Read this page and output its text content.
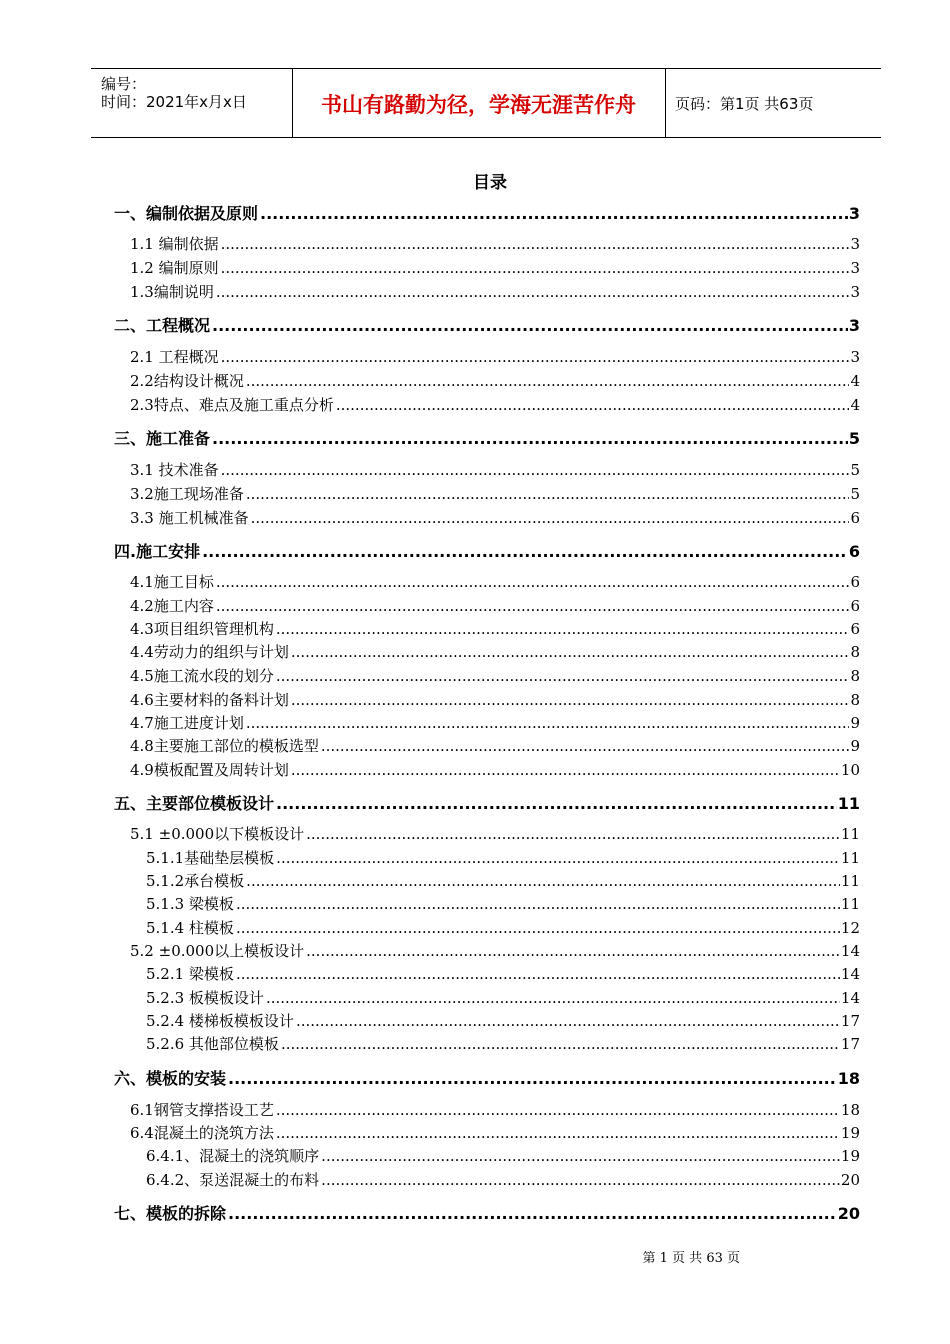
编号：
时间：2021年x月x日	书山有路勤为径，学海无涯苦作舟	页码：第1页 共63页
目录
一、编制依据及原则 .....	3
1.1 编制依据 .....	3
1.2 编制原则 .....	3
1.3编制说明 .....	3
二、工程概况 .....	3
2.1 工程概况 .....	3
2.2结构设计概况 .....	4
2.3特点、难点及施工重点分析 .....	4
三、施工准备 .....	5
3.1 技术准备 .....	5
3.2施工现场准备 .....	5
3.3 施工机械准备 .....	6
四.施工安排 .....	6
4.1施工目标 .....	6
4.2施工内容 .....	6
4.3项目组织管理机构 .....	6
4.4劳动力的组织与计划 .....	8
4.5施工流水段的划分 .....	8
4.6主要材料的备料计划 .....	8
4.7施工进度计划 .....	9
4.8主要施工部位的模板选型 .....	9
4.9模板配置及周转计划 .....	10
五、主要部位模板设计 .....	11
5.1 ±0.000以下模板设计 .....	11
5.1.1基础垫层模板 .....	11
5.1.2承台模板 .....	11
5.1.3 梁模板 .....	11
5.1.4 柱模板 .....	12
5.2 ±0.000以上模板设计 .....	14
5.2.1 梁模板 .....	14
5.2.3 板模板设计 .....	14
5.2.4 楼梯板模板设计 .....	17
5.2.6 其他部位模板 .....	17
六、模板的安装 .....	18
6.1钢管支撑搭设工艺 .....	18
6.4混凝土的浇筑方法 .....	19
6.4.1、混凝土的浇筑顺序 .....	19
6.4.2、泵送混凝土的布料 .....	20
七、模板的拆除 .....	20
第 1 页 共 63 页
